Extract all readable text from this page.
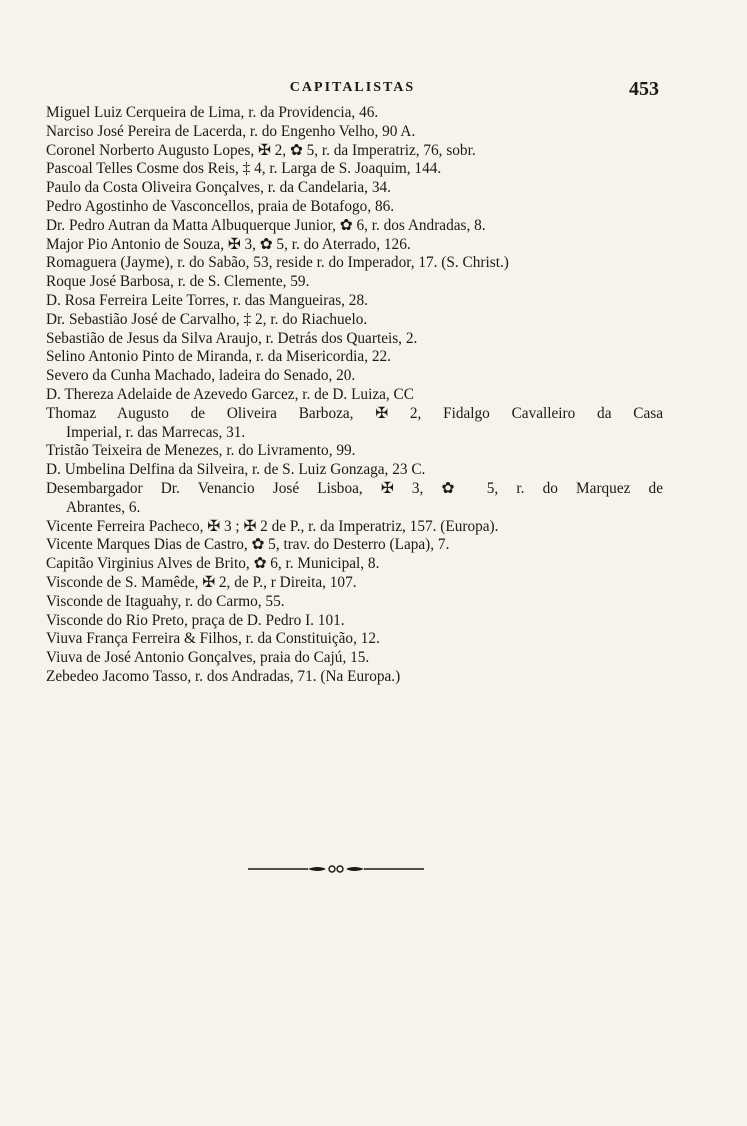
CAPITALISTAS	453
Miguel Luiz Cerqueira de Lima, r. da Providencia, 46.
Narciso José Pereira de Lacerda, r. do Engenho Velho, 90 A.
Coronel Norberto Augusto Lopes, ✠ 2, ✿ 5, r. da Imperatriz, 76, sobr.
Pascoal Telles Cosme dos Reis, ‡ 4, r. Larga de S. Joaquim, 144.
Paulo da Costa Oliveira Gonçalves, r. da Candelaria, 34.
Pedro Agostinho de Vasconcellos, praia de Botafogo, 86.
Dr. Pedro Autran da Matta Albuquerque Junior, ✿ 6, r. dos Andradas, 8.
Major Pio Antonio de Souza, ✠ 3, ✿ 5, r. do Aterrado, 126.
Romaguera (Jayme), r. do Sabão, 53, reside r. do Imperador, 17. (S. Christ.)
Roque José Barbosa, r. de S. Clemente, 59.
D. Rosa Ferreira Leite Torres, r. das Mangueiras, 28.
Dr. Sebastião José de Carvalho, ‡ 2, r. do Riachuelo.
Sebastião de Jesus da Silva Araujo, r. Detrás dos Quarteis, 2.
Selino Antonio Pinto de Miranda, r. da Misericordia, 22.
Severo da Cunha Machado, ladeira do Senado, 20.
D. Thereza Adelaide de Azevedo Garcez, r. de D. Luiza, CC
Thomaz Augusto de Oliveira Barboza, ✠ 2, Fidalgo Cavalleiro da Casa
Imperial, r. das Marrecas, 31.
Tristão Teixeira de Menezes, r. do Livramento, 99.
D. Umbelina Delfina da Silveira, r. de S. Luiz Gonzaga, 23 C.
Desembargador Dr. Venancio José Lisboa, ✠ 3, ✿ 5, r. do Marquez de
Abrantes, 6.
Vicente Ferreira Pacheco, ✠ 3 ; ✠ 2 de P., r. da Imperatriz, 157. (Europa).
Vicente Marques Dias de Castro, ✿ 5, trav. do Desterro (Lapa), 7.
Capitão Virginius Alves de Brito, ✿ 6, r. Municipal, 8.
Visconde de S. Mamêde, ✠ 2, de P., r Direita, 107.
Visconde de Itaguahy, r. do Carmo, 55.
Visconde do Rio Preto, praça de D. Pedro I. 101.
Viuva França Ferreira & Filhos, r. da Constituição, 12.
Viuva de José Antonio Gonçalves, praia do Cajú, 15.
Zebedeo Jacomo Tasso, r. dos Andradas, 71. (Na Europa.)
